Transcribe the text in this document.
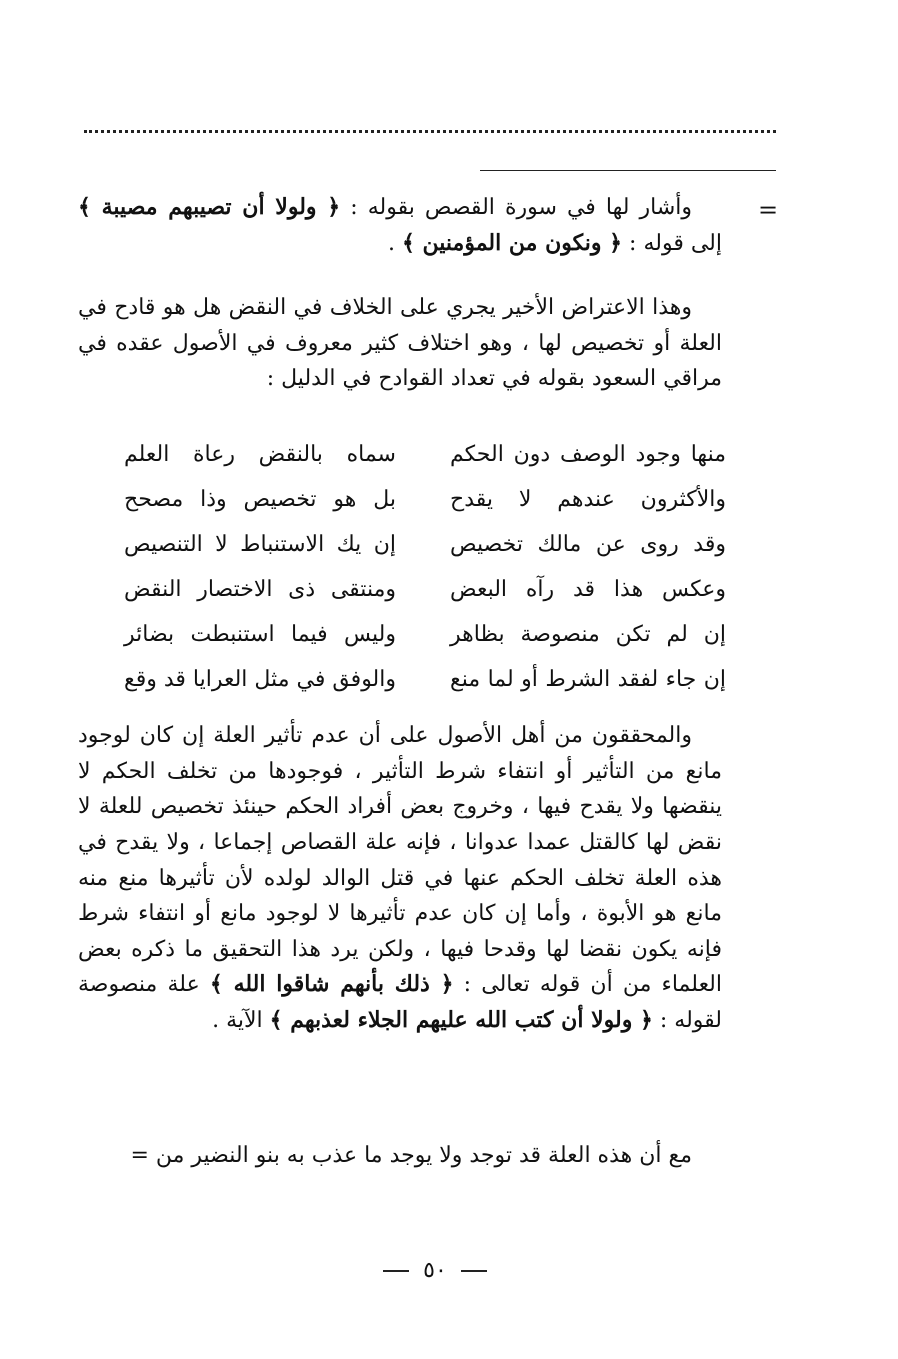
=

وأشار لها في سورة القصص بقوله : ﴿ ولولا أن تصيبهم مصيبة ﴾ إلى قوله : ﴿ ونكون من المؤمنين ﴾ .

وهذا الاعتراض الأخير يجري على الخلاف في النقض هل هو قادح في العلة أو تخصيص لها ، وهو اختلاف كثير معروف في الأصول عقده في مراقي السعود بقوله في تعداد القوادح في الدليل :

منها وجود الوصف دون الحكم
سماه بالنقض رعاة العلم
والأكثرون عندهم لا يقدح
بل هو تخصيص وذا مصحح
وقد روى عن مالك تخصيص
إن يك الاستنباط لا التنصيص
وعكس هذا قد رآه البعض
ومنتقى ذى الاختصار النقض
إن لم تكن منصوصة بظاهر
وليس فيما استنبطت بضائر
إن جاء لفقد الشرط أو لما منع
والوفق في مثل العرايا قد وقع

والمحققون من أهل الأصول على أن عدم تأثير العلة إن كان لوجود مانع من التأثير أو انتفاء شرط التأثير ، فوجودها من تخلف الحكم لا ينقضها ولا يقدح فيها ، وخروج بعض أفراد الحكم حينئذ تخصيص للعلة لا نقض لها كالقتل عمدا عدوانا ، فإنه علة القصاص إجماعا ، ولا يقدح في هذه العلة تخلف الحكم عنها في قتل الوالد لولده لأن تأثيرها منع منه مانع هو الأبوة ، وأما إن كان عدم تأثيرها لا لوجود مانع أو انتفاء شرط فإنه يكون نقضا لها وقدحا فيها ، ولكن يرد هذا التحقيق ما ذكره بعض العلماء من أن قوله تعالى : ﴿ ذلك بأنهم شاقوا الله ﴾ علة منصوصة لقوله : ﴿ ولولا أن كتب الله عليهم الجلاء لعذبهم ﴾ الآية .

مع أن هذه العلة قد توجد ولا يوجد ما عذب به بنو النضير من =

٥٠
